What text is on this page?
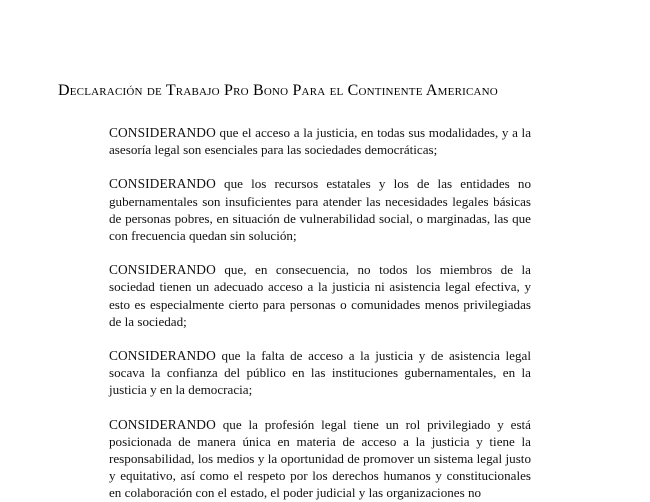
Declaración de Trabajo Pro Bono Para el Continente Americano

CONSIDERANDO que el acceso a la justicia, en todas sus modalidades, y a la asesoría legal son esenciales para las sociedades democráticas;

CONSIDERANDO que los recursos estatales y los de las entidades no gubernamentales son insuficientes para atender las necesidades legales básicas de personas pobres, en situación de vulnerabilidad social, o marginadas, las que con frecuencia quedan sin solución;

CONSIDERANDO que, en consecuencia, no todos los miembros de la sociedad tienen un adecuado acceso a la justicia ni asistencia legal efectiva, y esto es especialmente cierto para personas o comunidades menos privilegiadas de la sociedad;

CONSIDERANDO que la falta de acceso a la justicia y de asistencia legal socava la confianza del público en las instituciones gubernamentales, en la justicia y en la democracia;

CONSIDERANDO que la profesión legal tiene un rol privilegiado y está posicionada de manera única en materia de acceso a la justicia y tiene la responsabilidad, los medios y la oportunidad de promover un sistema legal justo y equitativo, así como el respeto por los derechos humanos y constitucionales en colaboración con el estado, el poder judicial y las organizaciones no
